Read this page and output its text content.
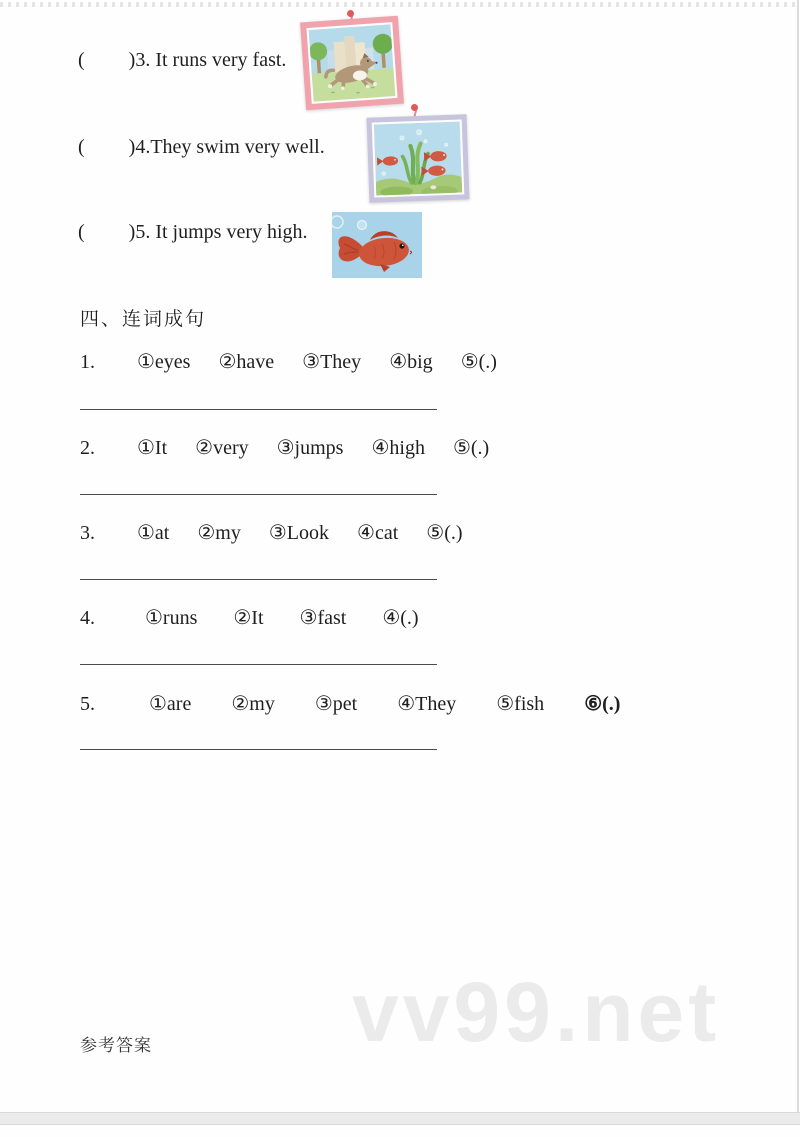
( )3. It runs very fast.
( )4.They swim very well.
( )5. It jumps very high.
四、连词成句
1. ①eyes ②have ③They ④big ⑤(.)
2. ①It ②very ③jumps ④high ⑤(.)
3. ①at ②my ③Look ④cat ⑤(.)
4.	①runs ②It ③fast ④(.)
5.	①are ②my ③pet ④They ⑤fish ⑥(.)
vv99.net
参考答案
